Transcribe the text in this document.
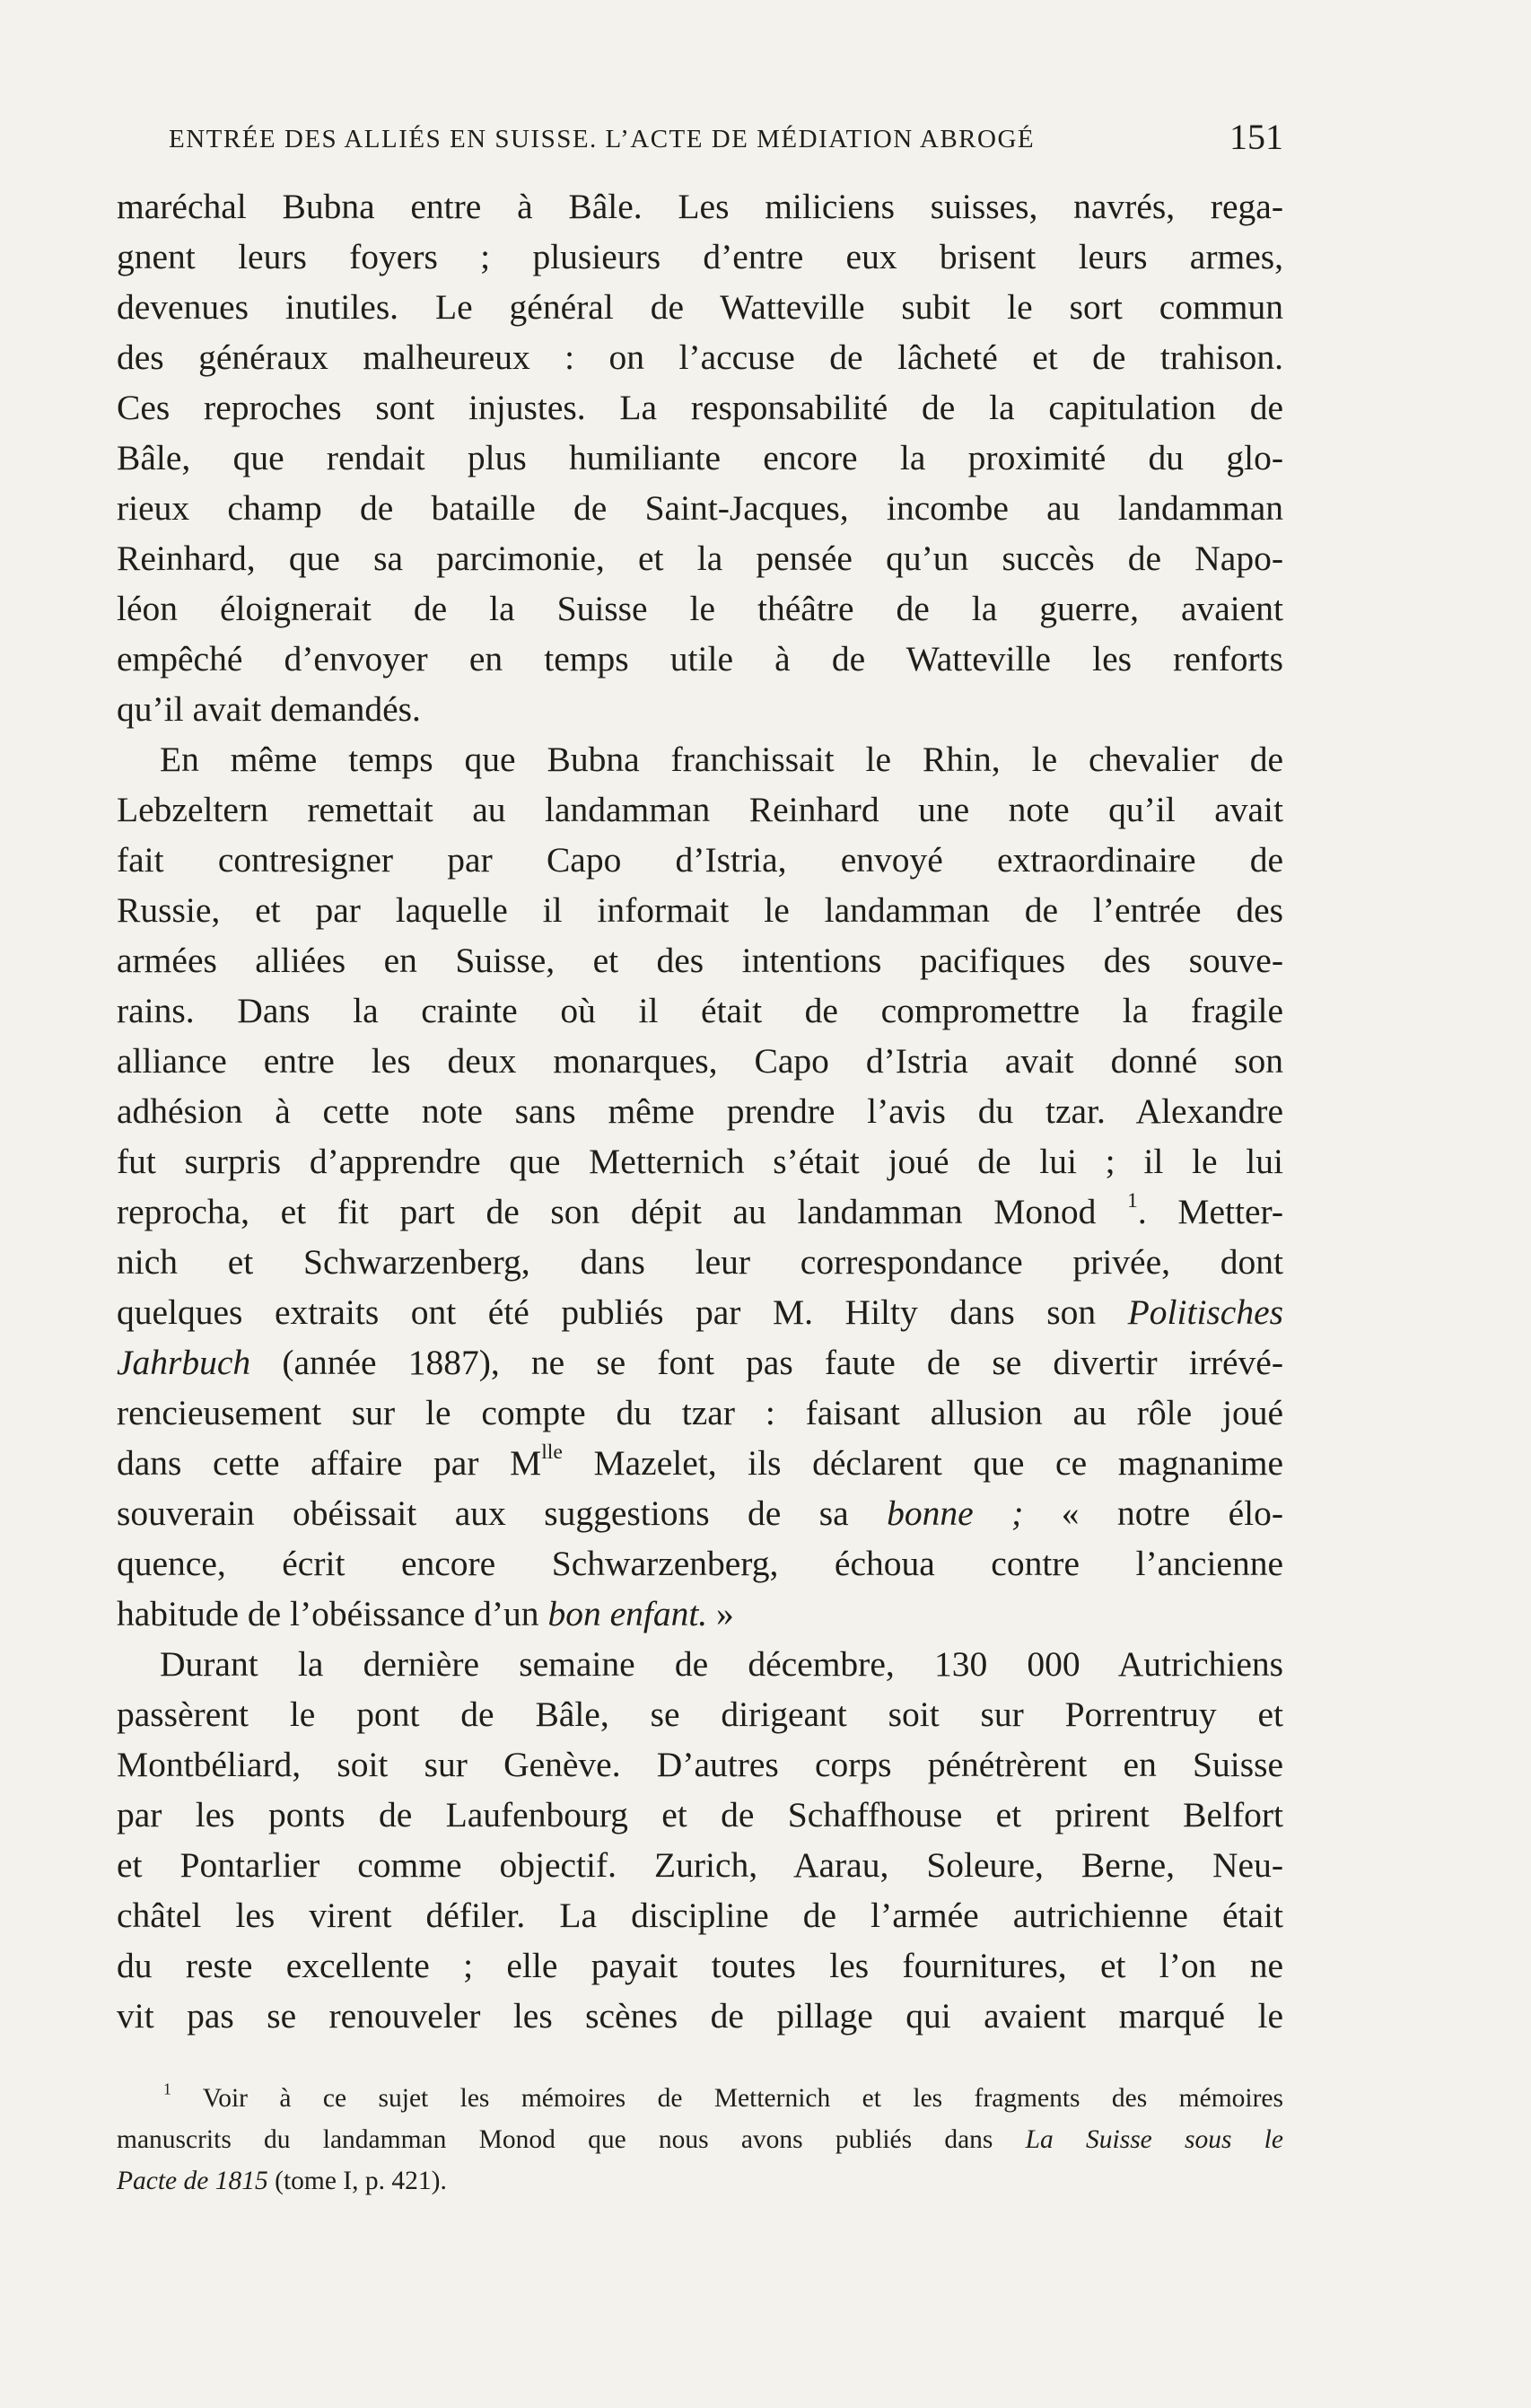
ENTRÉE DES ALLIÉS EN SUISSE. L’ACTE DE MÉDIATION ABROGÉ	151
maréchal Bubna entre à Bâle. Les miliciens suisses, navrés, rega-
gnent leurs foyers ; plusieurs d’entre eux brisent leurs armes,
devenues inutiles. Le général de Watteville subit le sort commun
des généraux malheureux : on l’accuse de lâcheté et de trahison.
Ces reproches sont injustes. La responsabilité de la capitulation de
Bâle, que rendait plus humiliante encore la proximité du glo-
rieux champ de bataille de Saint-Jacques, incombe au landamman
Reinhard, que sa parcimonie, et la pensée qu’un succès de Napo-
léon éloignerait de la Suisse le théâtre de la guerre, avaient
empêché d’envoyer en temps utile à de Watteville les renforts
qu’il avait demandés.
En même temps que Bubna franchissait le Rhin, le chevalier de
Lebzeltern remettait au landamman Reinhard une note qu’il avait
fait contresigner par Capo d’Istria, envoyé extraordinaire de
Russie, et par laquelle il informait le landamman de l’entrée des
armées alliées en Suisse, et des intentions pacifiques des souve-
rains. Dans la crainte où il était de compromettre la fragile
alliance entre les deux monarques, Capo d’Istria avait donné son
adhésion à cette note sans même prendre l’avis du tzar. Alexandre
fut surpris d’apprendre que Metternich s’était joué de lui ; il le lui
reprocha, et fit part de son dépit au landamman Monod $^1$. Metter-
nich et Schwarzenberg, dans leur correspondance privée, dont
quelques extraits ont été publiés par M. Hilty dans son Politisches
Jahrbuch (année 1887), ne se font pas faute de se divertir irrévé-
rencieusement sur le compte du tzar : faisant allusion au rôle joué
dans cette affaire par $M^{lle}$ Mazelet, ils déclarent que ce magnanime
souverain obéissait aux suggestions de sa bonne ; « notre élo-
quence, écrit encore Schwarzenberg, échoua contre l’ancienne
habitude de l’obéissance d’un bon enfant. »
Durant la dernière semaine de décembre, 130 000 Autrichiens
passèrent le pont de Bâle, se dirigeant soit sur Porrentruy et
Montbéliard, soit sur Genève. D’autres corps pénétrèrent en Suisse
par les ponts de Laufenbourg et de Schaffhouse et prirent Belfort
et Pontarlier comme objectif. Zurich, Aarau, Soleure, Berne, Neu-
châtel les virent défiler. La discipline de l’armée autrichienne était
du reste excellente ; elle payait toutes les fournitures, et l’on ne
vit pas se renouveler les scènes de pillage qui avaient marqué le
$^1$ Voir à ce sujet les mémoires de Metternich et les fragments des mémoires
manuscrits du landamman Monod que nous avons publiés dans La Suisse sous le
Pacte de 1815 (tome I, p. 421).
